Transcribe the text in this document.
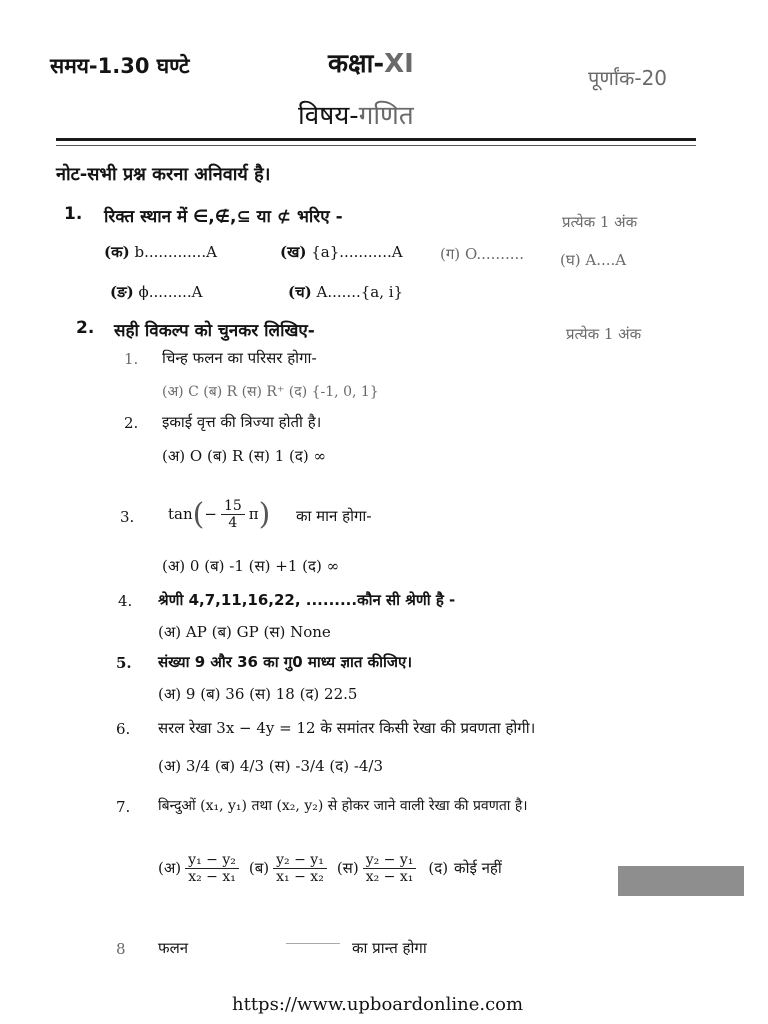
समय-1.30 घण्टे	कक्षा-XI	पूर्णांक-20
विषय-गणित
नोट-सभी प्रश्न करना अनिवार्य है।
1. रिक्त स्थान में ∈,∉,⊆ या ⊄ भरिए -	प्रत्येक 1 अंक
(क) b.............A	(ख) {a}...........A (ग) O.......... (घ) A....A
(ङ) ϕ.........A	(च) A.......{a, i}
2. सही विकल्प को चुनकर लिखिए-	प्रत्येक 1 अंक
1. चिन्ह फलन का परिसर होगा-
(अ) C (ब) R (स) R⁺ (द) {-1, 0, 1}
2. इकाई वृत्त की त्रिज्या होती है।
(अ) O (ब) R (स) 1 (द) ∞
3. tan ( − $\frac{15}{4}$ π ) का मान होगा-
(अ) 0 (ब) -1 (स) +1 (द) ∞
4. श्रेणी 4,7,11,16,22, .........कौन सी श्रेणी है -
(अ) AP (ब) GP (स) None
5. संख्या 9 और 36 का गु0 माध्य ज्ञात कीजिए।
(अ) 9 (ब) 36 (स) 18 (द) 22.5
6. सरल रेखा 3x − 4y = 12 के समांतर किसी रेखा की प्रवणता होगी।
(अ) 3/4 (ब) 4/3 (स) -3/4 (द) -4/3
7. बिन्दुओं (x₁, y₁) तथा (x₂, y₂) से होकर जाने वाली रेखा की प्रवणता है।
(अ) $\frac{\text{y₁ − y₂}}{\text{x₂ − x₁}}$ (ब) $\frac{\text{y₂ − y₁}}{\text{x₁ − x₂}}$ (स) $\frac{\text{y₂ − y₁}}{\text{x₂ − x₁}}$ (द) कोई नहीं
8 फलन	का प्रान्त होगा
https://www.upboardonline.com
